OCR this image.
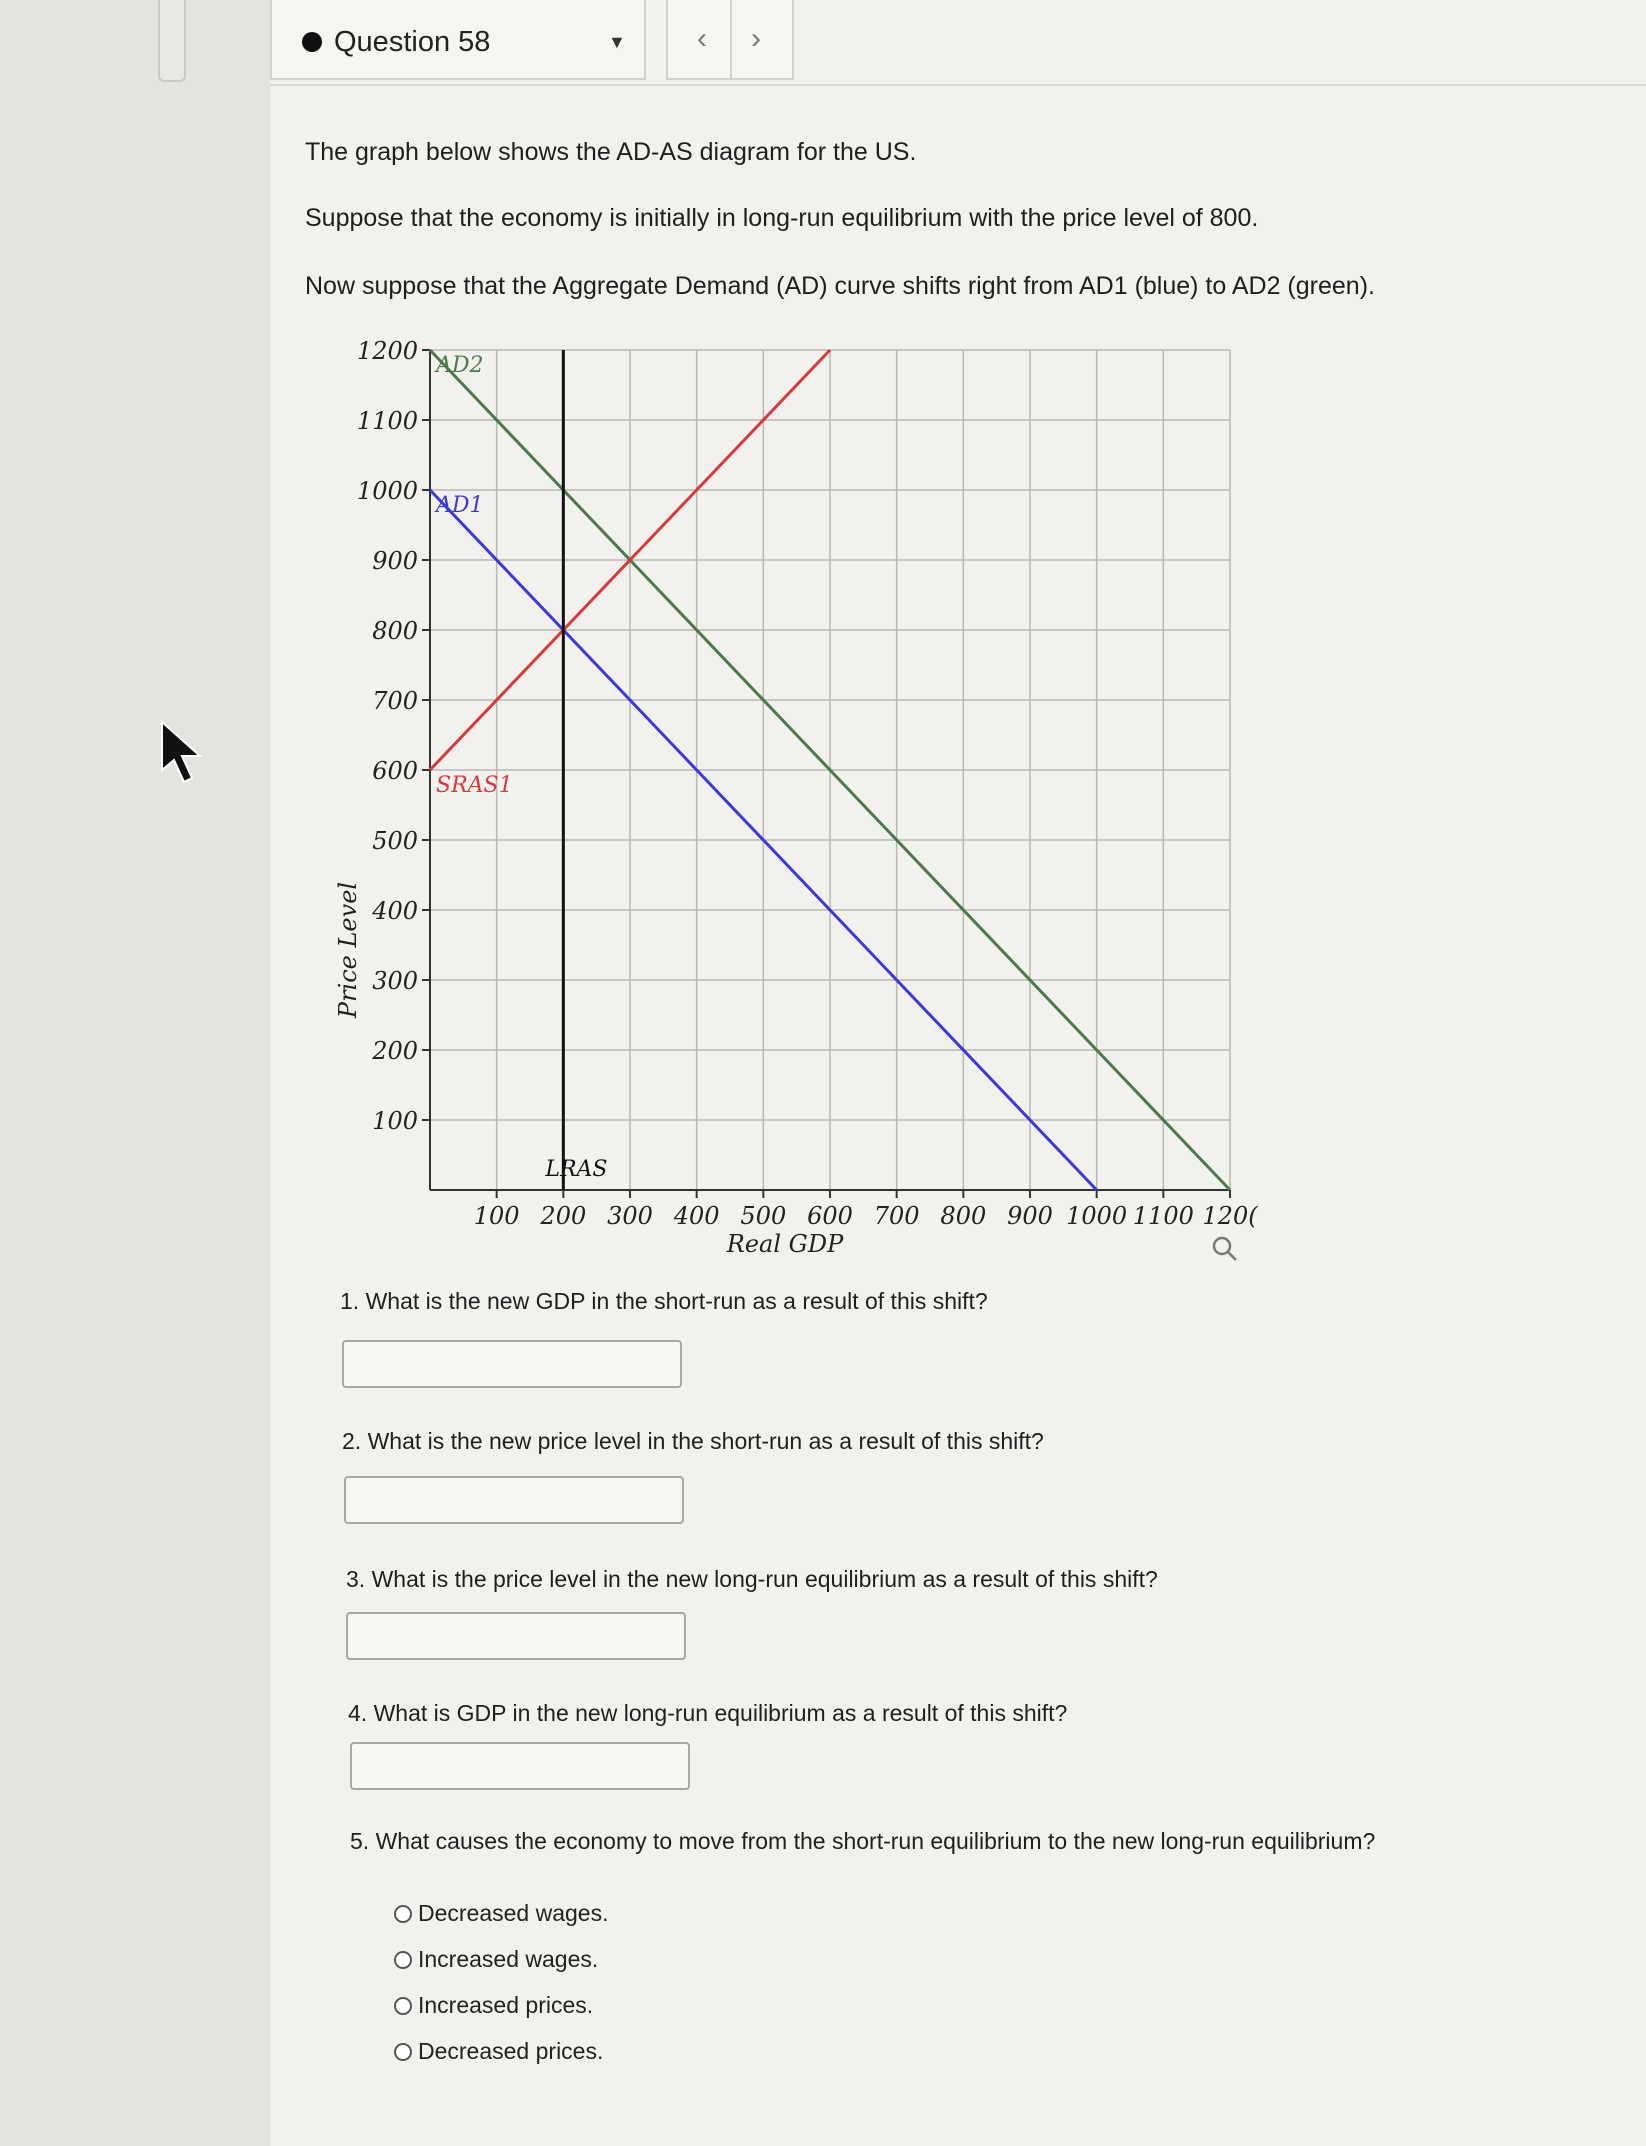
Question 58	▼	‹	›
The graph below shows the AD-AS diagram for the US.
Suppose that the economy is initially in long-run equilibrium with the price level of 800.
Now suppose that the Aggregate Demand (AD) curve shifts right from AD1 (blue) to AD2 (green).
1200
1100
1000
900
800
700
600
500
400
300
200
100
100 200 300 400 500 600 700 800 900 1000 1100 120(
Real GDP
Price Level
AD2
AD1
SRAS1
LRAS
1. What is the new GDP in the short-run as a result of this shift?
2. What is the new price level in the short-run as a result of this shift?
3. What is the price level in the new long-run equilibrium as a result of this shift?
4. What is GDP in the new long-run equilibrium as a result of this shift?
5. What causes the economy to move from the short-run equilibrium to the new long-run equilibrium?
Decreased wages.
Increased wages.
Increased prices.
Decreased prices.
